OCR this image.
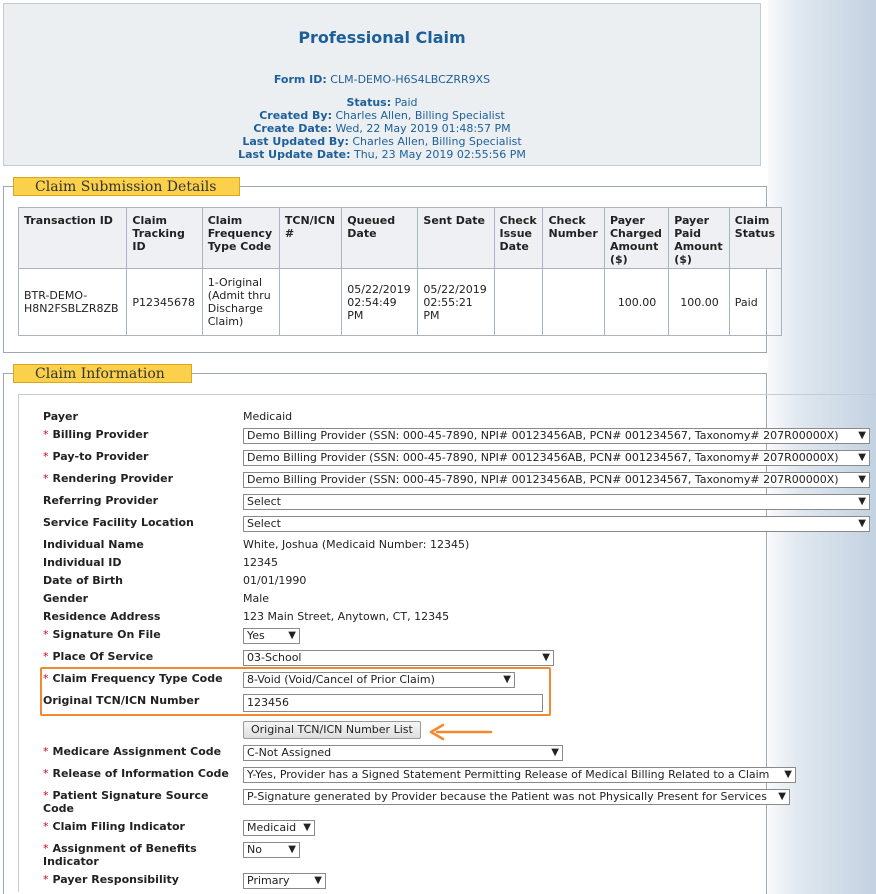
Professional Claim
Form ID: CLM-DEMO-H6S4LBCZRR9XS
Status: Paid
Created By: Charles Allen, Billing Specialist
Create Date: Wed, 22 May 2019 01:48:57 PM
Last Updated By: Charles Allen, Billing Specialist
Last Update Date: Thu, 23 May 2019 02:55:56 PM
Claim Submission Details
Transaction ID	Claim Tracking ID	Claim Frequency Type Code	TCN/ICN #	Queued Date	Sent Date	Check Issue Date	Check Number	Payer Charged Amount ($)	Payer Paid Amount ($)	Claim Status
BTR-DEMO-H8N2FSBLZR8ZB	P12345678	1-Original (Admit thru Discharge Claim)		05/22/2019 02:54:49 PM	05/22/2019 02:55:21 PM			100.00	100.00	Paid
Claim Information
Payer	Medicaid
* Billing Provider	Demo Billing Provider (SSN: 000-45-7890, NPI# 00123456AB, PCN# 001234567, Taxonomy# 207R00000X) ▼
* Pay-to Provider	Demo Billing Provider (SSN: 000-45-7890, NPI# 00123456AB, PCN# 001234567, Taxonomy# 207R00000X) ▼
* Rendering Provider	Demo Billing Provider (SSN: 000-45-7890, NPI# 00123456AB, PCN# 001234567, Taxonomy# 207R00000X) ▼
Referring Provider	Select	▼
Service Facility Location	Select	▼
Individual Name	White, Joshua (Medicaid Number: 12345)
Individual ID	12345
Date of Birth	01/01/1990
Gender	Male
Residence Address	123 Main Street, Anytown, CT, 12345
* Signature On File	Yes ▼
* Place Of Service	03-School	▼
* Claim Frequency Type Code	8-Void (Void/Cancel of Prior Claim)	▼
Original TCN/ICN Number	123456
Original TCN/ICN Number List
* Medicare Assignment Code	C-Not Assigned	▼
* Release of Information Code	Y-Yes, Provider has a Signed Statement Permitting Release of Medical Billing Related to a Claim ▼
* Patient Signature Source Code
P-Signature generated by Provider because the Patient was not Physically Present for Services ▼
* Claim Filing Indicator	Medicaid ▼
* Assignment of Benefits Indicator
No	▼
* Payer Responsibility	Primary ▼
